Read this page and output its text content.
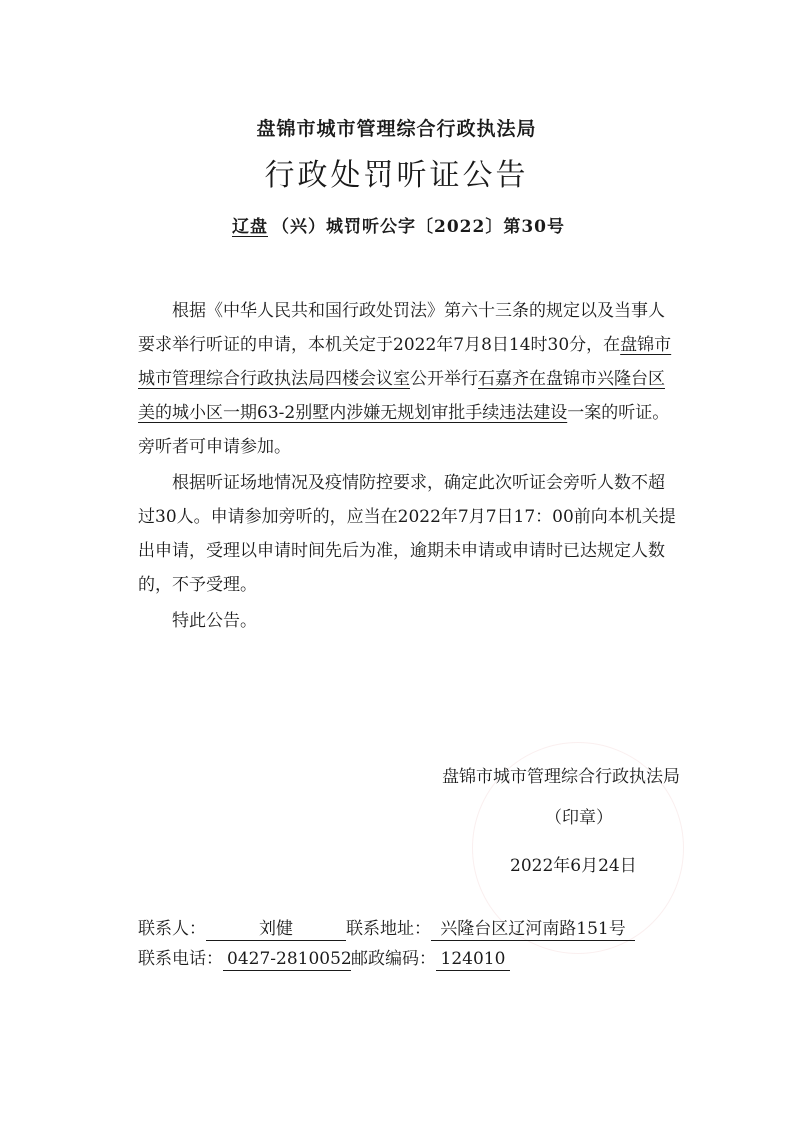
盘锦市城市管理综合行政执法局
行政处罚听证公告
辽盘 （兴）城罚听公字〔2022〕第30号

根据《中华人民共和国行政处罚法》第六十三条的规定以及当事人要求举行听证的申请，本机关定于2022年7月8日14时30分，在盘锦市城市管理综合行政执法局四楼会议室公开举行石嘉齐在盘锦市兴隆台区美的城小区一期63-2别墅内涉嫌无规划审批手续违法建设一案的听证。旁听者可申请参加。

根据听证场地情况及疫情防控要求，确定此次听证会旁听人数不超过30人。申请参加旁听的，应当在2022年7月7日17：00前向本机关提出申请，受理以申请时间先后为准，逾期未申请或申请时已达规定人数的，不予受理。

特此公告。

盘锦市城市管理综合行政执法局
（印章）
2022年6月24日
联系人：	刘健	联系地址： 兴隆台区辽河南路151号
联系电话： 0427-2810052邮政编码： 124010
